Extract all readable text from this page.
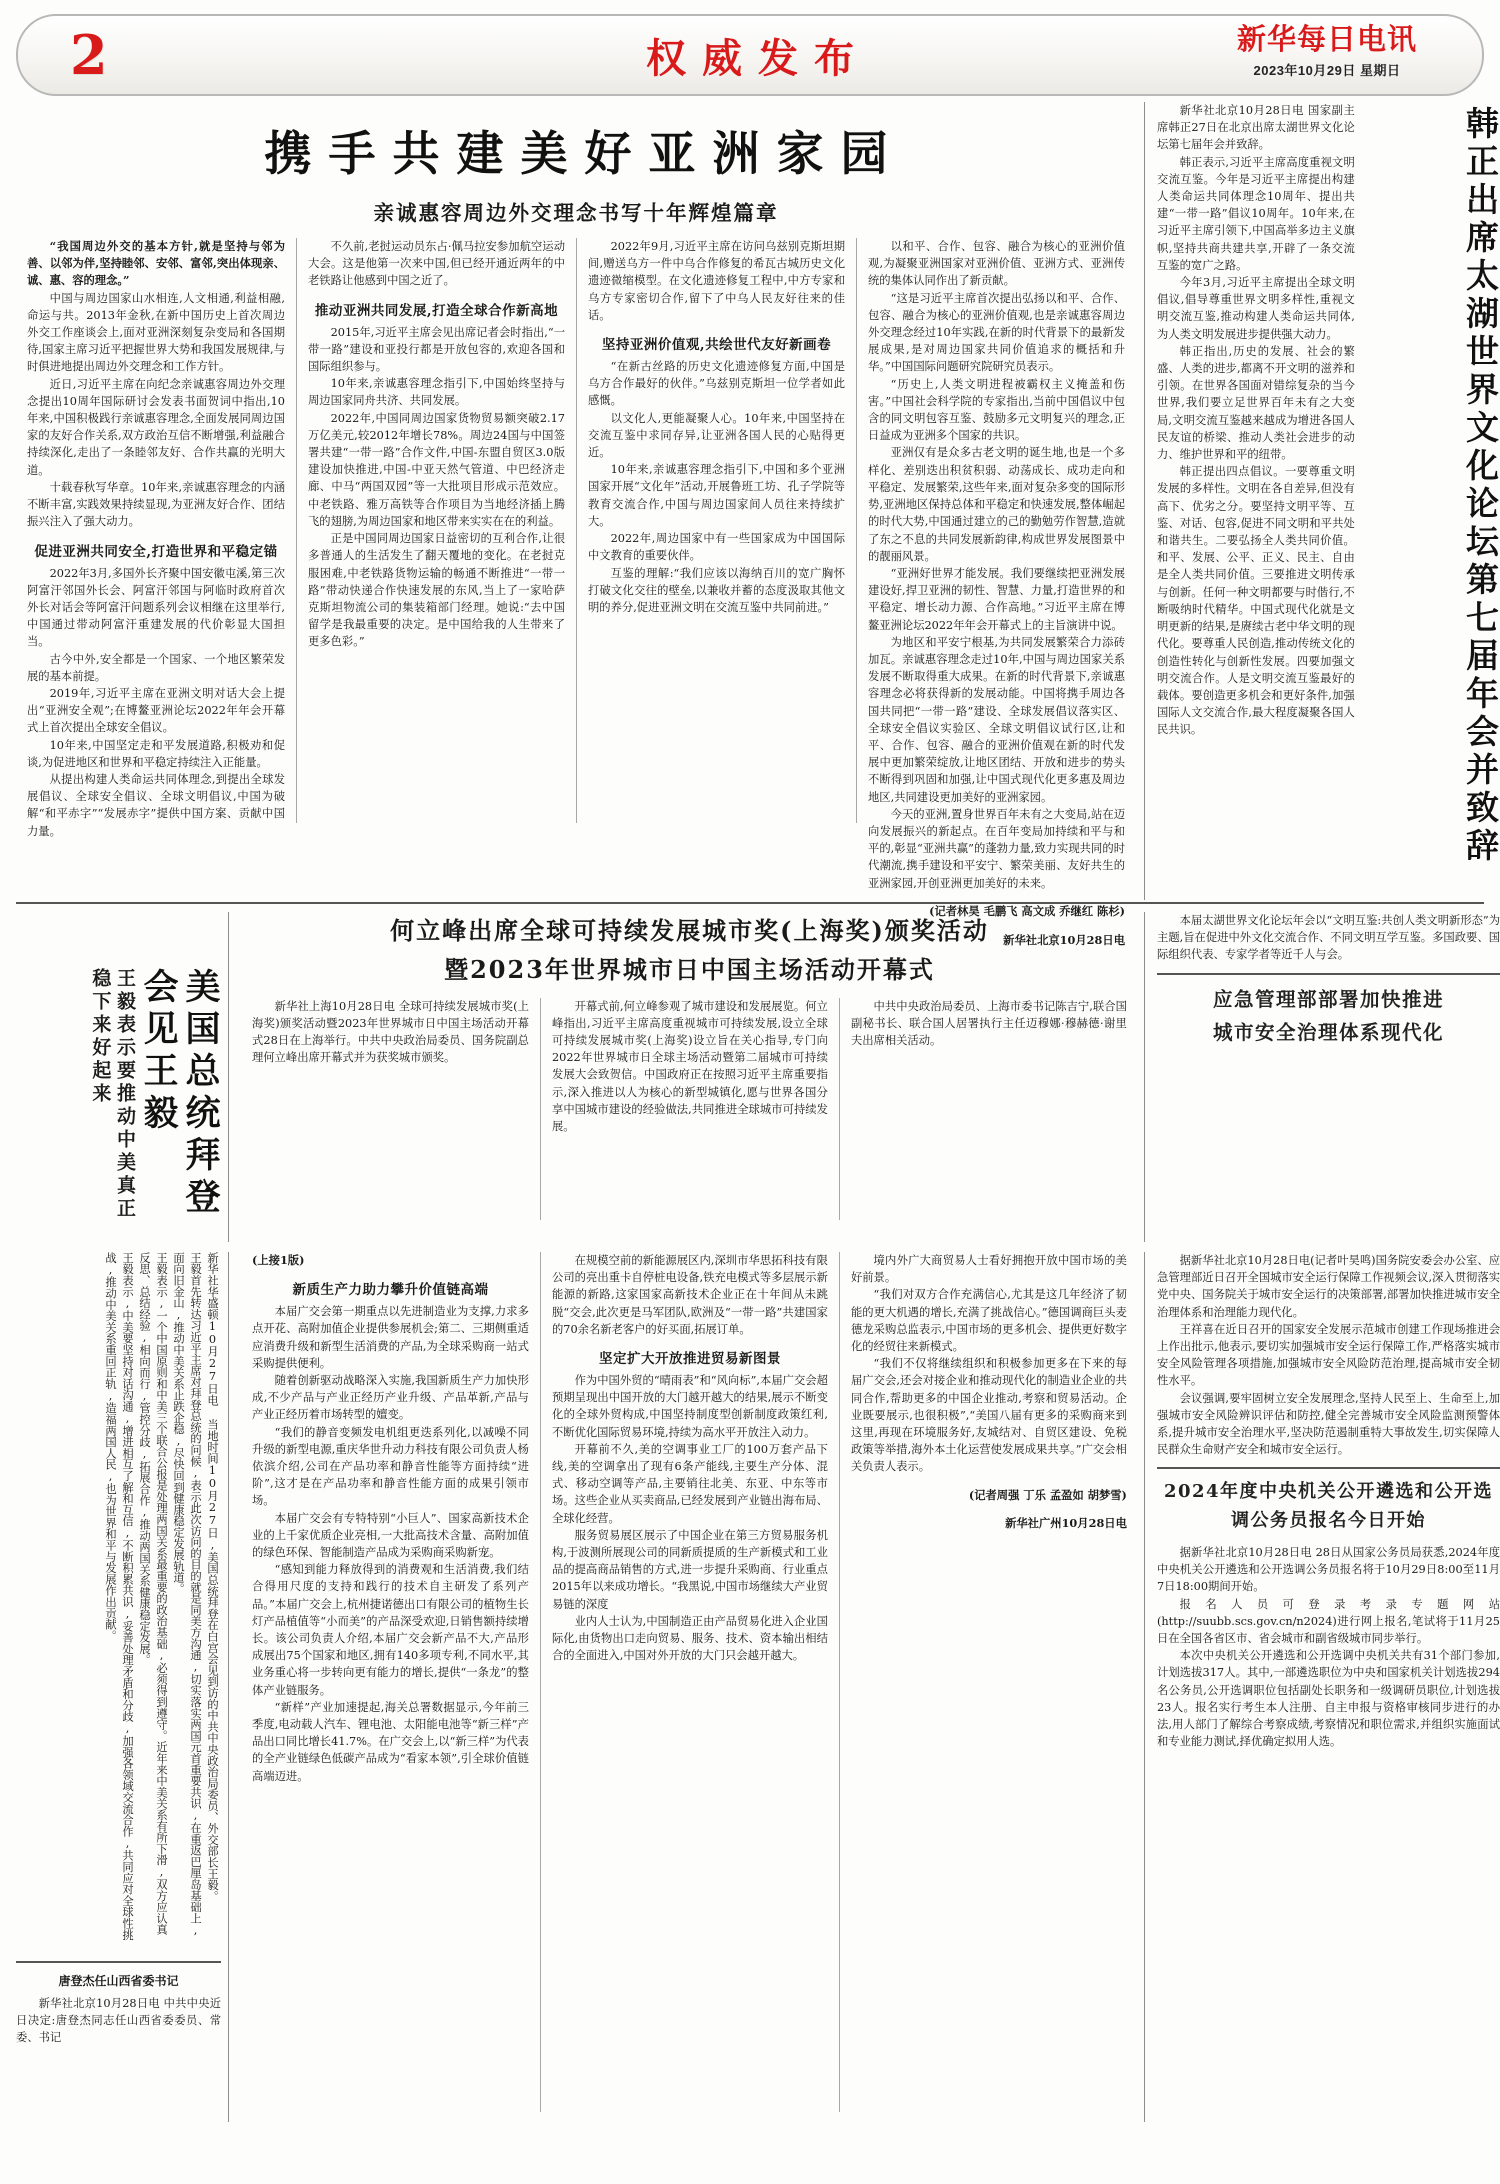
2	权威发布	新华每日电讯
2023年10月29日 星期日
携手共建美好亚洲家园
亲诚惠容周边外交理念书写十年辉煌篇章

“我国周边外交的基本方针,就是坚持与邻为善、以邻为伴,坚持睦邻、安邻、富邻,突出体现亲、诚、惠、容的理念。”

中国与周边国家山水相连,人文相通,利益相融,命运与共。2013年金秋,在新中国历史上首次周边外交工作座谈会上,面对亚洲深刻复杂变局和各国期待,国家主席习近平把握世界大势和我国发展规律,与时俱进地提出周边外交理念和工作方针。

近日,习近平主席在向纪念亲诚惠容周边外交理念提出10周年国际研讨会发表书面贺词中指出,10年来,中国积极践行亲诚惠容理念,全面发展同周边国家的友好合作关系,双方政治互信不断增强,利益融合持续深化,走出了一条睦邻友好、合作共赢的光明大道。

十载春秋写华章。10年来,亲诚惠容理念的内涵不断丰富,实践效果持续显现,为亚洲友好合作、团结振兴注入了强大动力。

促进亚洲共同安全,打造世界和平稳定锚

2022年3月,多国外长齐聚中国安徽屯溪,第三次阿富汗邻国外长会、阿富汗邻国与阿临时政府首次外长对话会等阿富汗问题系列会议相继在这里举行,中国通过带动阿富汗重建发展的代价彰显大国担当。

古今中外,安全都是一个国家、一个地区繁荣发展的基本前提。

2019年,习近平主席在亚洲文明对话大会上提出“亚洲安全观”;在博鳌亚洲论坛2022年年会开幕式上首次提出全球安全倡议。

10年来,中国坚定走和平发展道路,积极劝和促谈,为促进地区和世界和平稳定持续注入正能量。

从提出构建人类命运共同体理念,到提出全球发展倡议、全球安全倡议、全球文明倡议,中国为破解“和平赤字”“发展赤字”提供中国方案、贡献中国力量。

不久前,老挝运动员东占·佩马拉安参加航空运动大会。这是他第一次来中国,但已经开通近两年的中老铁路让他感到中国之近了。

推动亚洲共同发展,打造全球合作新高地

2015年,习近平主席会见出席记者会时指出,“一带一路”建设和亚投行都是开放包容的,欢迎各国和国际组织参与。

10年来,亲诚惠容理念指引下,中国始终坚持与周边国家同舟共济、共同发展。

2022年,中国同周边国家货物贸易额突破2.17万亿美元,较2012年增长78%。周边24国与中国签署共建“一带一路”合作文件,中国-东盟自贸区3.0版建设加快推进,中国-中亚天然气管道、中巴经济走廊、中马“两国双园”等一大批项目形成示范效应。中老铁路、雅万高铁等合作项目为当地经济插上腾飞的翅膀,为周边国家和地区带来实实在在的利益。

正是中国同周边国家日益密切的互利合作,让很多普通人的生活发生了翻天覆地的变化。在老挝克服困难,中老铁路货物运输的畅通不断推进“一带一路”带动快递合作快速发展的东风,当上了一家哈萨克斯坦物流公司的集装箱部门经理。她说:“去中国留学是我最重要的决定。是中国给我的人生带来了更多色彩。”

2022年9月,习近平主席在访问乌兹别克斯坦期间,赠送乌方一件中乌合作修复的希瓦古城历史文化遗迹微缩模型。在文化遗迹修复工程中,中方专家和乌方专家密切合作,留下了中乌人民友好往来的佳话。

坚持亚洲价值观,共绘世代友好新画卷

“在新古丝路的历史文化遗迹修复方面,中国是乌方合作最好的伙伴。”乌兹别克斯坦一位学者如此感慨。

以文化人,更能凝聚人心。10年来,中国坚持在交流互鉴中求同存异,让亚洲各国人民的心贴得更近。

10年来,亲诚惠容理念指引下,中国和多个亚洲国家开展“文化年”活动,开展鲁班工坊、孔子学院等教育交流合作,中国与周边国家间人员往来持续扩大。

2022年,周边国家中有一些国家成为中国国际中文教育的重要伙伴。

互鉴的理解:“我们应该以海纳百川的宽广胸怀打破文化交往的壁垒,以兼收并蓄的态度汲取其他文明的养分,促进亚洲文明在交流互鉴中共同前进。”

以和平、合作、包容、融合为核心的亚洲价值观,为凝聚亚洲国家对亚洲价值、亚洲方式、亚洲传统的集体认同作出了新贡献。

“这是习近平主席首次提出弘扬以和平、合作、包容、融合为核心的亚洲价值观,也是亲诚惠容周边外交理念经过10年实践,在新的时代背景下的最新发展成果,是对周边国家共同价值追求的概括和升华。”中国国际问题研究院研究员表示。

“历史上,人类文明进程被霸权主义掩盖和伤害。”中国社会科学院的专家指出,当前中国倡议中包含的同文明包容互鉴、鼓励多元文明复兴的理念,正日益成为亚洲多个国家的共识。

亚洲仅有是众多古老文明的诞生地,也是一个多样化、差别迭出积贫积弱、动荡成长、成功走向和平稳定、发展繁荣,这些年来,面对复杂多变的国际形势,亚洲地区保持总体和平稳定和快速发展,整体崛起的时代大势,中国通过建立的己的勤勉劳作智慧,造就了东之不息的共同发展新韵律,构成世界发展图景中的靓丽风景。

“亚洲好世界才能发展。我们要继续把亚洲发展建设好,捍卫亚洲的韧性、智慧、力量,打造世界的和平稳定、增长动力源、合作高地。”习近平主席在博鳌亚洲论坛2022年年会开幕式上的主旨演讲中说。

为地区和平安宁根基,为共同发展繁荣合力添砖加瓦。亲诚惠容理念走过10年,中国与周边国家关系发展不断取得重大成果。在新的时代背景下,亲诚惠容理念必将获得新的发展动能。中国将携手周边各国共同把“一带一路”建设、全球发展倡议落实区、全球安全倡议实验区、全球文明倡议试行区,让和平、合作、包容、融合的亚洲价值观在新的时代发展中更加繁荣绽放,让地区团结、开放和进步的势头不断得到巩固和加强,让中国式现代化更多惠及周边地区,共同建设更加美好的亚洲家园。

今天的亚洲,置身世界百年未有之大变局,站在迈向发展振兴的新起点。在百年变局加持续和平与和平的,彰显“亚洲共赢”的蓬勃力量,致力实现共同的时代潮流,携手建设和平安宁、繁荣美丽、友好共生的亚洲家园,开创亚洲更加美好的未来。

(记者林昊 毛鹏飞 高文成 乔继红 陈杉)

新华社北京10月28日电

新华社北京10月28日电 国家副主席韩正27日在北京出席太湖世界文化论坛第七届年会并致辞。

韩正表示,习近平主席高度重视文明交流互鉴。今年是习近平主席提出构建人类命运共同体理念10周年、提出共建“一带一路”倡议10周年。10年来,在习近平主席引领下,中国高举多边主义旗帜,坚持共商共建共享,开辟了一条交流互鉴的宽广之路。

今年3月,习近平主席提出全球文明倡议,倡导尊重世界文明多样性,重视文明交流互鉴,推动构建人类命运共同体,为人类文明发展进步提供强大动力。

韩正指出,历史的发展、社会的繁盛、人类的进步,都离不开文明的滋养和引领。在世界各国面对错综复杂的当今世界,我们要立足世界百年未有之大变局,文明交流互鉴越来越成为增进各国人民友谊的桥梁、推动人类社会进步的动力、维护世界和平的纽带。

韩正提出四点倡议。一要尊重文明发展的多样性。文明在各自差异,但没有高下、优劣之分。要坚持文明平等、互鉴、对话、包容,促进不同文明和平共处和谐共生。二要弘扬全人类共同价值。和平、发展、公平、正义、民主、自由是全人类共同价值。三要推进文明传承与创新。任何一种文明都要与时偕行,不断吸纳时代精华。中国式现代化就是文明更新的结果,是赓续古老中华文明的现代化。要尊重人民创造,推动传统文化的创造性转化与创新性发展。四要加强文明交流合作。人是文明交流互鉴最好的载体。要创造更多机会和更好条件,加强国际人文交流合作,最大程度凝聚各国人民共识。	韩正出席太湖世界文化论坛第七届年会并致辞
王毅表示要推动中美真正稳下来好起来	美国总统拜登会见王毅
何立峰出席全球可持续发展城市奖(上海奖)颁奖活动
暨2023年世界城市日中国主场活动开幕式

新华社上海10月28日电 全球可持续发展城市奖(上海奖)颁奖活动暨2023年世界城市日中国主场活动开幕式28日在上海举行。中共中央政治局委员、国务院副总理何立峰出席开幕式并为获奖城市颁奖。

开幕式前,何立峰参观了城市建设和发展展览。何立峰指出,习近平主席高度重视城市可持续发展,设立全球可持续发展城市奖(上海奖)设立旨在关心指导,专门向2022年世界城市日全球主场活动暨第二届城市可持续发展大会致贺信。中国政府正在按照习近平主席重要指示,深入推进以人为核心的新型城镇化,愿与世界各国分享中国城市建设的经验做法,共同推进全球城市可持续发展。

中共中央政治局委员、上海市委书记陈吉宁,联合国副秘书长、联合国人居署执行主任迈穆娜·穆赫德·谢里夫出席相关活动。

本届太湖世界文化论坛年会以“文明互鉴:共创人类文明新形态”为主题,旨在促进中外文化交流合作、不同文明互学互鉴。多国政要、国际组织代表、专家学者等近千人与会。

应急管理部部署加快推进
城市安全治理体系现代化
王毅表示,中美要坚持对话沟通,增进相互了解和互信,不断积累共识,妥善处理矛盾和分歧,加强各领域交流合作,共同应对全球性挑战,推动中美关系重回正轨,造福两国人民,也为世界和平与发展作出贡献。	王毅表示,一个中国原则和中美三个联合公报是处理两国关系最重要的政治基础,必须得到遵守。近年来中美关系有所下滑,双方应认真反思、总结经验,相向而行,管控分歧,拓展合作,推动两国关系健康稳定发展。	王毅首先转达习近平主席对拜登总统的问候,表示此次访问的目的就是同美方沟通,切实落实两国元首重要共识,在重返巴厘岛基础上,面向旧金山,推动中美关系止跌企稳,尽快回到健康稳定发展轨道。	新华社华盛顿10月27日电 当地时间10月27日,美国总统拜登在白宫会见到访的中共中央政治局委员、外交部长王毅。
唐登杰任山西省委书记

新华社北京10月28日电 中共中央近日决定:唐登杰同志任山西省委委员、常委、书记

(上接1版)

新质生产力助力攀升价值链高端

本届广交会第一期重点以先进制造业为支撑,力求多点开花、高附加值企业提供参展机会;第二、三期侧重适应消费升级和新型生活消费的产品,为全球采购商一站式采购提供便利。

随着创新驱动战略深入实施,我国新质生产力加快形成,不少产品与产业正经历产业升级、产品革新,产品与产业正经历着市场转型的嬗变。

“我们的静音变频发电机组更迭系列化,以减噪不同升级的新型电源,重庆华世升动力科技有限公司负责人杨依滨介绍,公司在产品功率和静音性能等方面持续“进阶”,这才是在产品功率和静音性能方面的成果引领市场。

本届广交会有专特特别“小巨人”、国家高新技术企业的上千家优质企业亮相,一大批高技术含量、高附加值的绿色环保、智能制造产品成为采购商采购新宠。

“感知到能力释放得到的消费观和生活消费,我们结合得用尺度的支持和践行的技术自主研发了系列产品。”本届广交会上,杭州捷诺德出口有限公司的植物生长灯产品植值等“小而美”的产品深受欢迎,日销售额持续增长。该公司负责人介绍,本届广交会新产品不大,产品形成展出75个国家和地区,拥有140多项专利,不同水平,其业务重心将一步转向更有能力的增长,提供“一条龙”的整体产业链服务。

“新样”产业加速提起,海关总署数据显示,今年前三季度,电动载人汽车、锂电池、太阳能电池等“新三样”产品出口同比增长41.7%。在广交会上,以“新三样”为代表的全产业链绿色低碳产品成为“看家本领”,引全球价值链高端迈进。

在规模空前的新能源展区内,深圳市华思拓科技有限公司的亮出重卡自停桩电设备,铁充电模式等多层展示新能源的新路,这家国家高新技术企业正在十年间从未跳脱“交会,此次更是马军团队,欧洲及“一带一路”共建国家的70余名新老客户的好买面,拓展订单。

坚定扩大开放推进贸易新图景

作为中国外贸的“晴雨表”和“风向标”,本届广交会超预期呈现出中国开放的大门越开越大的结果,展示不断变化的全球外贸构成,中国坚持制度型创新制度政策红利,不断优化国际贸易环境,持续为高水平开放注入动力。

开幕前不久,美的空调事业工厂的100万套产品下线,美的空调拿出了现有6条产能线,主要生产分体、混式、移动空调等产品,主要销往北美、东亚、中东等市场。这些企业从买卖商品,已经发展到产业链出海布局、全球化经营。

服务贸易展区展示了中国企业在第三方贸易服务机构,于波测所展现公司的同新质提质的生产新模式和工业品的提高商品销售的方式,进一步提升采购商、行业重点2015年以来成功增长。“我黑说,中国市场继续大产业贸易链的深度

业内人士认为,中国制造正由产品贸易化进入企业国际化,由货物出口走向贸易、服务、技术、资本输出相结合的全面进入,中国对外开放的大门只会越开越大。

境内外广大商贸易人士看好拥抱开放中国市场的美好前景。

“我们对双方合作充满信心,尤其是这几年经济了韧能的更大机遇的增长,充满了挑战信心。”德国调商巨头麦德龙采购总监表示,中国市场的更多机会、提供更好数字化的经贸往来新模式。

“我们不仅将继续组织和积极参加更多在下来的每届广交会,还会对接企业和推动现代化的制造业企业的共同合作,帮助更多的中国企业推动,考察和贸易活动。企业既要展示,也很积极”,“美国八届有更多的采购商来到这里,再现在环境服务好,友城结对、自贸区建设、免税政策等举措,海外本土化运营使发展成果共享。”广交会相关负责人表示。

(记者周强 丁乐 孟盈如 胡梦雪)

新华社广州10月28日电

据新华社北京10月28日电(记者叶昊鸣)国务院安委会办公室、应急管理部近日召开全国城市安全运行保障工作视频会议,深入贯彻落实党中央、国务院关于城市安全运行的决策部署,部署加快推进城市安全治理体系和治理能力现代化。

王祥喜在近日召开的国家安全发展示范城市创建工作现场推进会上作出批示,他表示,要切实加强城市安全运行保障工作,严格落实城市安全风险管理各项措施,加强城市安全风险防范治理,提高城市安全韧性水平。

会议强调,要牢固树立安全发展理念,坚持人民至上、生命至上,加强城市安全风险辨识评估和防控,健全完善城市安全风险监测预警体系,提升城市安全治理水平,坚决防范遏制重特大事故发生,切实保障人民群众生命财产安全和城市安全运行。

2024年度中央机关公开遴选和公开选调公务员报名今日开始

据新华社北京10月28日电 28日从国家公务员局获悉,2024年度中央机关公开遴选和公开选调公务员报名将于10月29日8:00至11月7日18:00期间开始。

报名人员可登录考录专题网站(http://suubb.scs.gov.cn/n2024)进行网上报名,笔试将于11月25日在全国各省区市、省会城市和副省级城市同步举行。

本次中央机关公开遴选和公开选调中央机关共有31个部门参加,计划选拔317人。其中,一部遴选职位为中央和国家机关计划选拔294名公务员,公开选调职位包括副处长职务和一级调研员职位,计划选拔23人。报名实行考生本人注册、自主申报与资格审核同步进行的办法,用人部门了解综合考察成绩,考察情况和职位需求,并组织实施面试和专业能力测试,择优确定拟用人选。
